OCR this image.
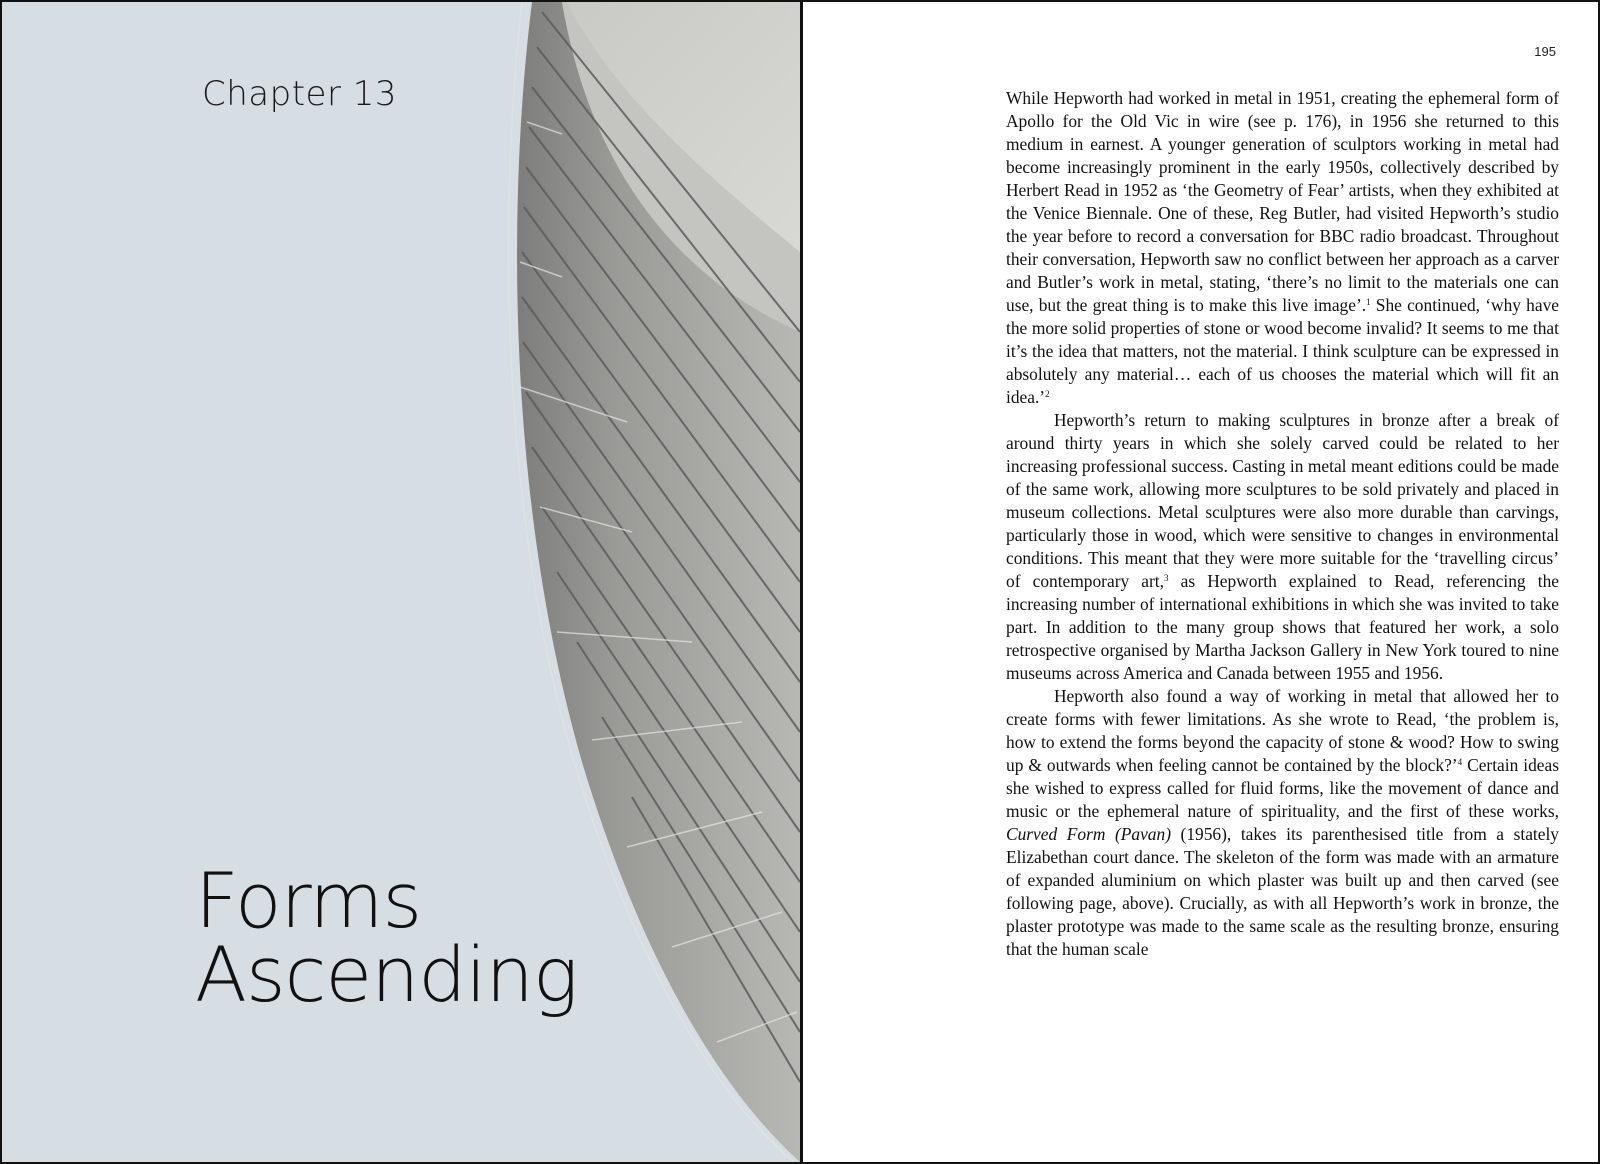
Chapter 13

Forms
Ascending
195

While Hepworth had worked in metal in 1951, creating the ephemeral form of Apollo for the Old Vic in wire (see p. 176), in 1956 she returned to this medium in earnest. A younger generation of sculptors working in metal had become increasingly prominent in the early 1950s, collectively described by Herbert Read in 1952 as ‘the Geometry of Fear’ artists, when they exhibited at the Venice Biennale. One of these, Reg Butler, had visited Hepworth’s studio the year before to record a conversation for BBC radio broadcast. Throughout their conversation, Hepworth saw no conflict between her approach as a carver and Butler’s work in metal, stating, ‘there’s no limit to the materials one can use, but the great thing is to make this live image’.$^1$ She continued, ‘why have the more solid properties of stone or wood become invalid? It seems to me that it’s the idea that matters, not the material. I think sculpture can be expressed in absolutely any material… each of us chooses the material which will fit an idea.’$^2$

Hepworth’s return to making sculptures in bronze after a break of around thirty years in which she solely carved could be related to her increasing professional success. Casting in metal meant editions could be made of the same work, allowing more sculptures to be sold privately and placed in museum collections. Metal sculptures were also more durable than carvings, particularly those in wood, which were sensitive to changes in environmental conditions. This meant that they were more suitable for the ‘travelling circus’ of contemporary art,$^3$ as Hepworth explained to Read, referencing the increasing number of international exhibitions in which she was invited to take part. In addition to the many group shows that featured her work, a solo retrospective organised by Martha Jackson Gallery in New York toured to nine museums across America and Canada between 1955 and 1956.

Hepworth also found a way of working in metal that allowed her to create forms with fewer limitations. As she wrote to Read, ‘the problem is, how to extend the forms beyond the capacity of stone & wood? How to swing up & outwards when feeling cannot be contained by the block?’$^4$ Certain ideas she wished to express called for fluid forms, like the movement of dance and music or the ephemeral nature of spirituality, and the first of these works, Curved Form (Pavan) (1956), takes its parenthesised title from a stately Elizabethan court dance. The skeleton of the form was made with an armature of expanded aluminium on which plaster was built up and then carved (see following page, above). Crucially, as with all Hepworth’s work in bronze, the plaster prototype was made to the same scale as the resulting bronze, ensuring that the human scale
